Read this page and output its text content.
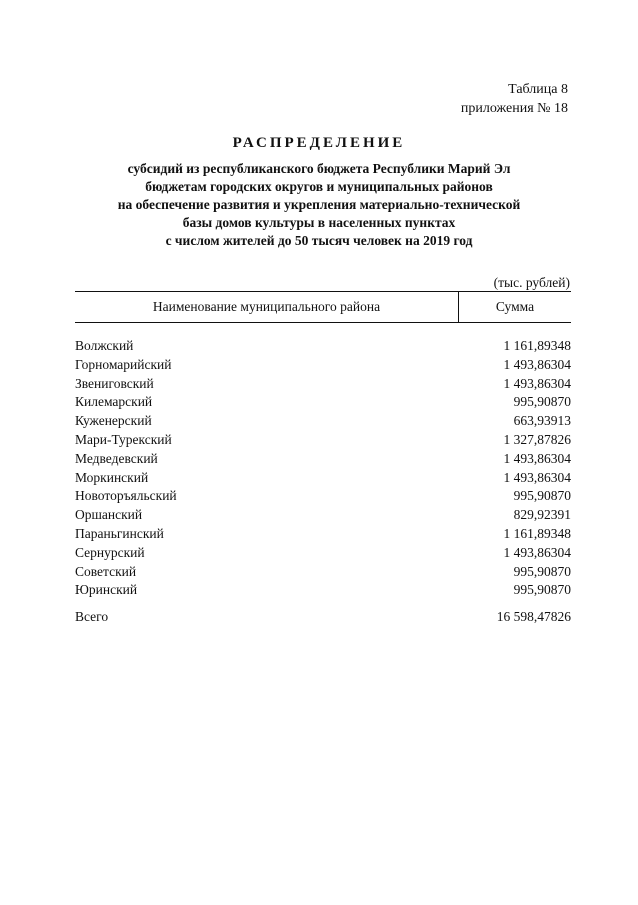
Таблица 8
приложения № 18
РАСПРЕДЕЛЕНИЕ
субсидий из республиканского бюджета Республики Марий Эл
бюджетам городских округов и муниципальных районов
на обеспечение развития и укрепления материально-технической
базы домов культуры в населенных пунктах
с числом жителей до 50 тысяч человек на 2019 год
(тыс. рублей)
Наименование муниципального района	Сумма
Волжский	1 161,89348
Горномарийский	1 493,86304
Звениговский	1 493,86304
Килемарский	995,90870
Куженерский	663,93913
Мари-Турекский	1 327,87826
Медведевский	1 493,86304
Моркинский	1 493,86304
Новоторъяльский	995,90870
Оршанский	829,92391
Параньгинский	1 161,89348
Сернурский	1 493,86304
Советский	995,90870
Юринский	995,90870
Всего	16 598,47826
